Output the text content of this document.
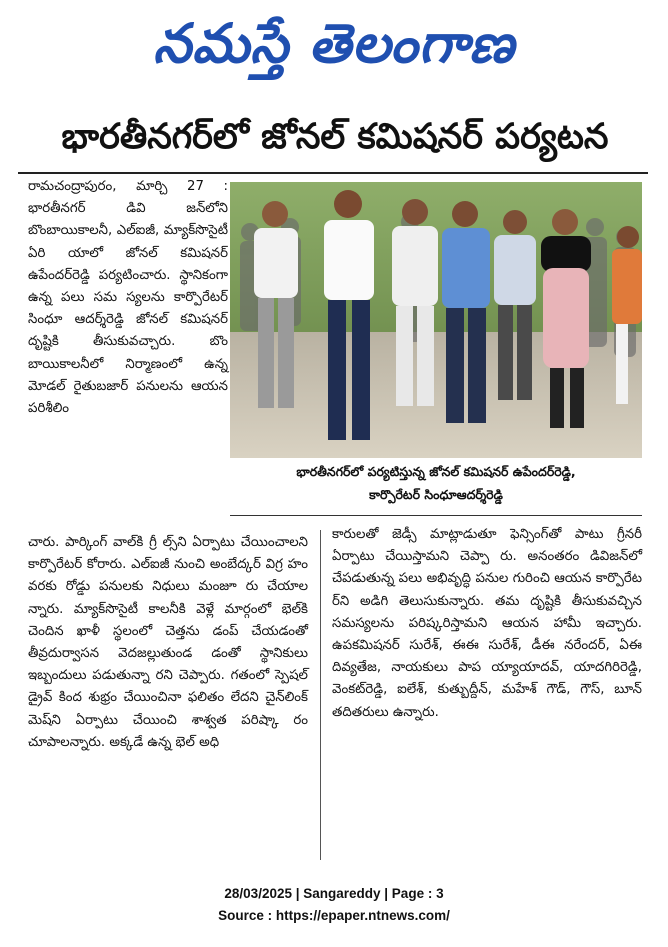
నమస్తే తెలంగాణ
భారతీనగర్‌లో జోనల్ కమిషనర్ పర్యటన
రామచంద్రాపురం, మార్చి 27 : భారతీనగర్ డివి జన్‌లోని బొంబాయికాలనీ, ఎల్ఐజీ, మ్యాక్‌సొసైటీ ఏరి యాలో జోనల్ కమిషనర్ ఉపేందర్‌రెడ్డి పర్యటించారు. స్థానికంగా ఉన్న పలు సమ స్యలను కార్పొరేటర్ సింధూ ఆదర్శ్‌రెడ్డి జోనల్ కమిషనర్ దృష్టికి తీసుకువచ్చారు. బొం బాయికాలనీలో నిర్మాణంలో ఉన్న మోడల్ రైతుబజార్ పనులను ఆయన పరిశీలిం
భారతీనగర్‌లో పర్యటిస్తున్న జోనల్ కమిషనర్ ఉపేందర్‌రెడ్డి,
కార్పొరేటర్ సింధూఆదర్శ్‌రెడ్డి
చారు. పార్కింగ్ వాల్‌కి గ్రీ ల్స్‌ని ఏర్పాటు చేయించాలని కార్పొరేటర్ కోరారు. ఎల్ఐజీ నుంచి అంబేద్కర్ విగ్ర హం వరకు రోడ్డు పనులకు నిధులు మంజూ రు చేయాల న్నారు. మ్యాక్‌సొసైటీ కాలనీకి వెళ్లే మార్గంలో భెల్‌కి చెందిన ఖాళీ స్థలంలో చెత్తను డంప్ చేయడంతో తీవ్రదుర్వాసన వెదజల్లుతుండ డంతో స్థానికులు ఇబ్బందులు పడుతున్నా రని చెప్పారు. గతంలో స్పెషల్ డ్రైవ్ కింద శుభ్రం చేయించినా ఫలితం లేదని చైన్‌లింక్ మెష్‌ని ఏర్పాటు చేయించి శాశ్వత పరిష్కా రం చూపాలన్నారు. అక్కడే ఉన్న భెల్ అధి
కారులతో జెడ్సీ మాట్లాడుతూ ఫెన్సింగ్‌తో పాటు గ్రీనరీ ఏర్పాటు చేయిస్తామని చెప్పా రు. అనంతరం డివిజన్‌లో చేపడుతున్న పలు అభివృద్ధి పనుల గురించి ఆయన కార్పొరేట ర్‌ని అడిగి తెలుసుకున్నారు. తమ దృష్టికి తీసుకువచ్చిన సమస్యలను పరిష్కరిస్తామని ఆయన హామీ ఇచ్చారు. ఉపకమిషనర్ సురేశ్, ఈఈ సురేశ్, డీఈ నరేందర్, ఏఈ దివ్యతేజ, నాయకులు పాప య్యాయాదవ్, యాదగిరిరెడ్డి, వెంకట్‌రెడ్డి, ఐలేశ్, కుత్బుద్దీన్, మహేశ్ గౌడ్, గౌస్, బూన్ తదితరులు ఉన్నారు.
28/03/2025 | Sangareddy | Page : 3
Source : https://epaper.ntnews.com/
